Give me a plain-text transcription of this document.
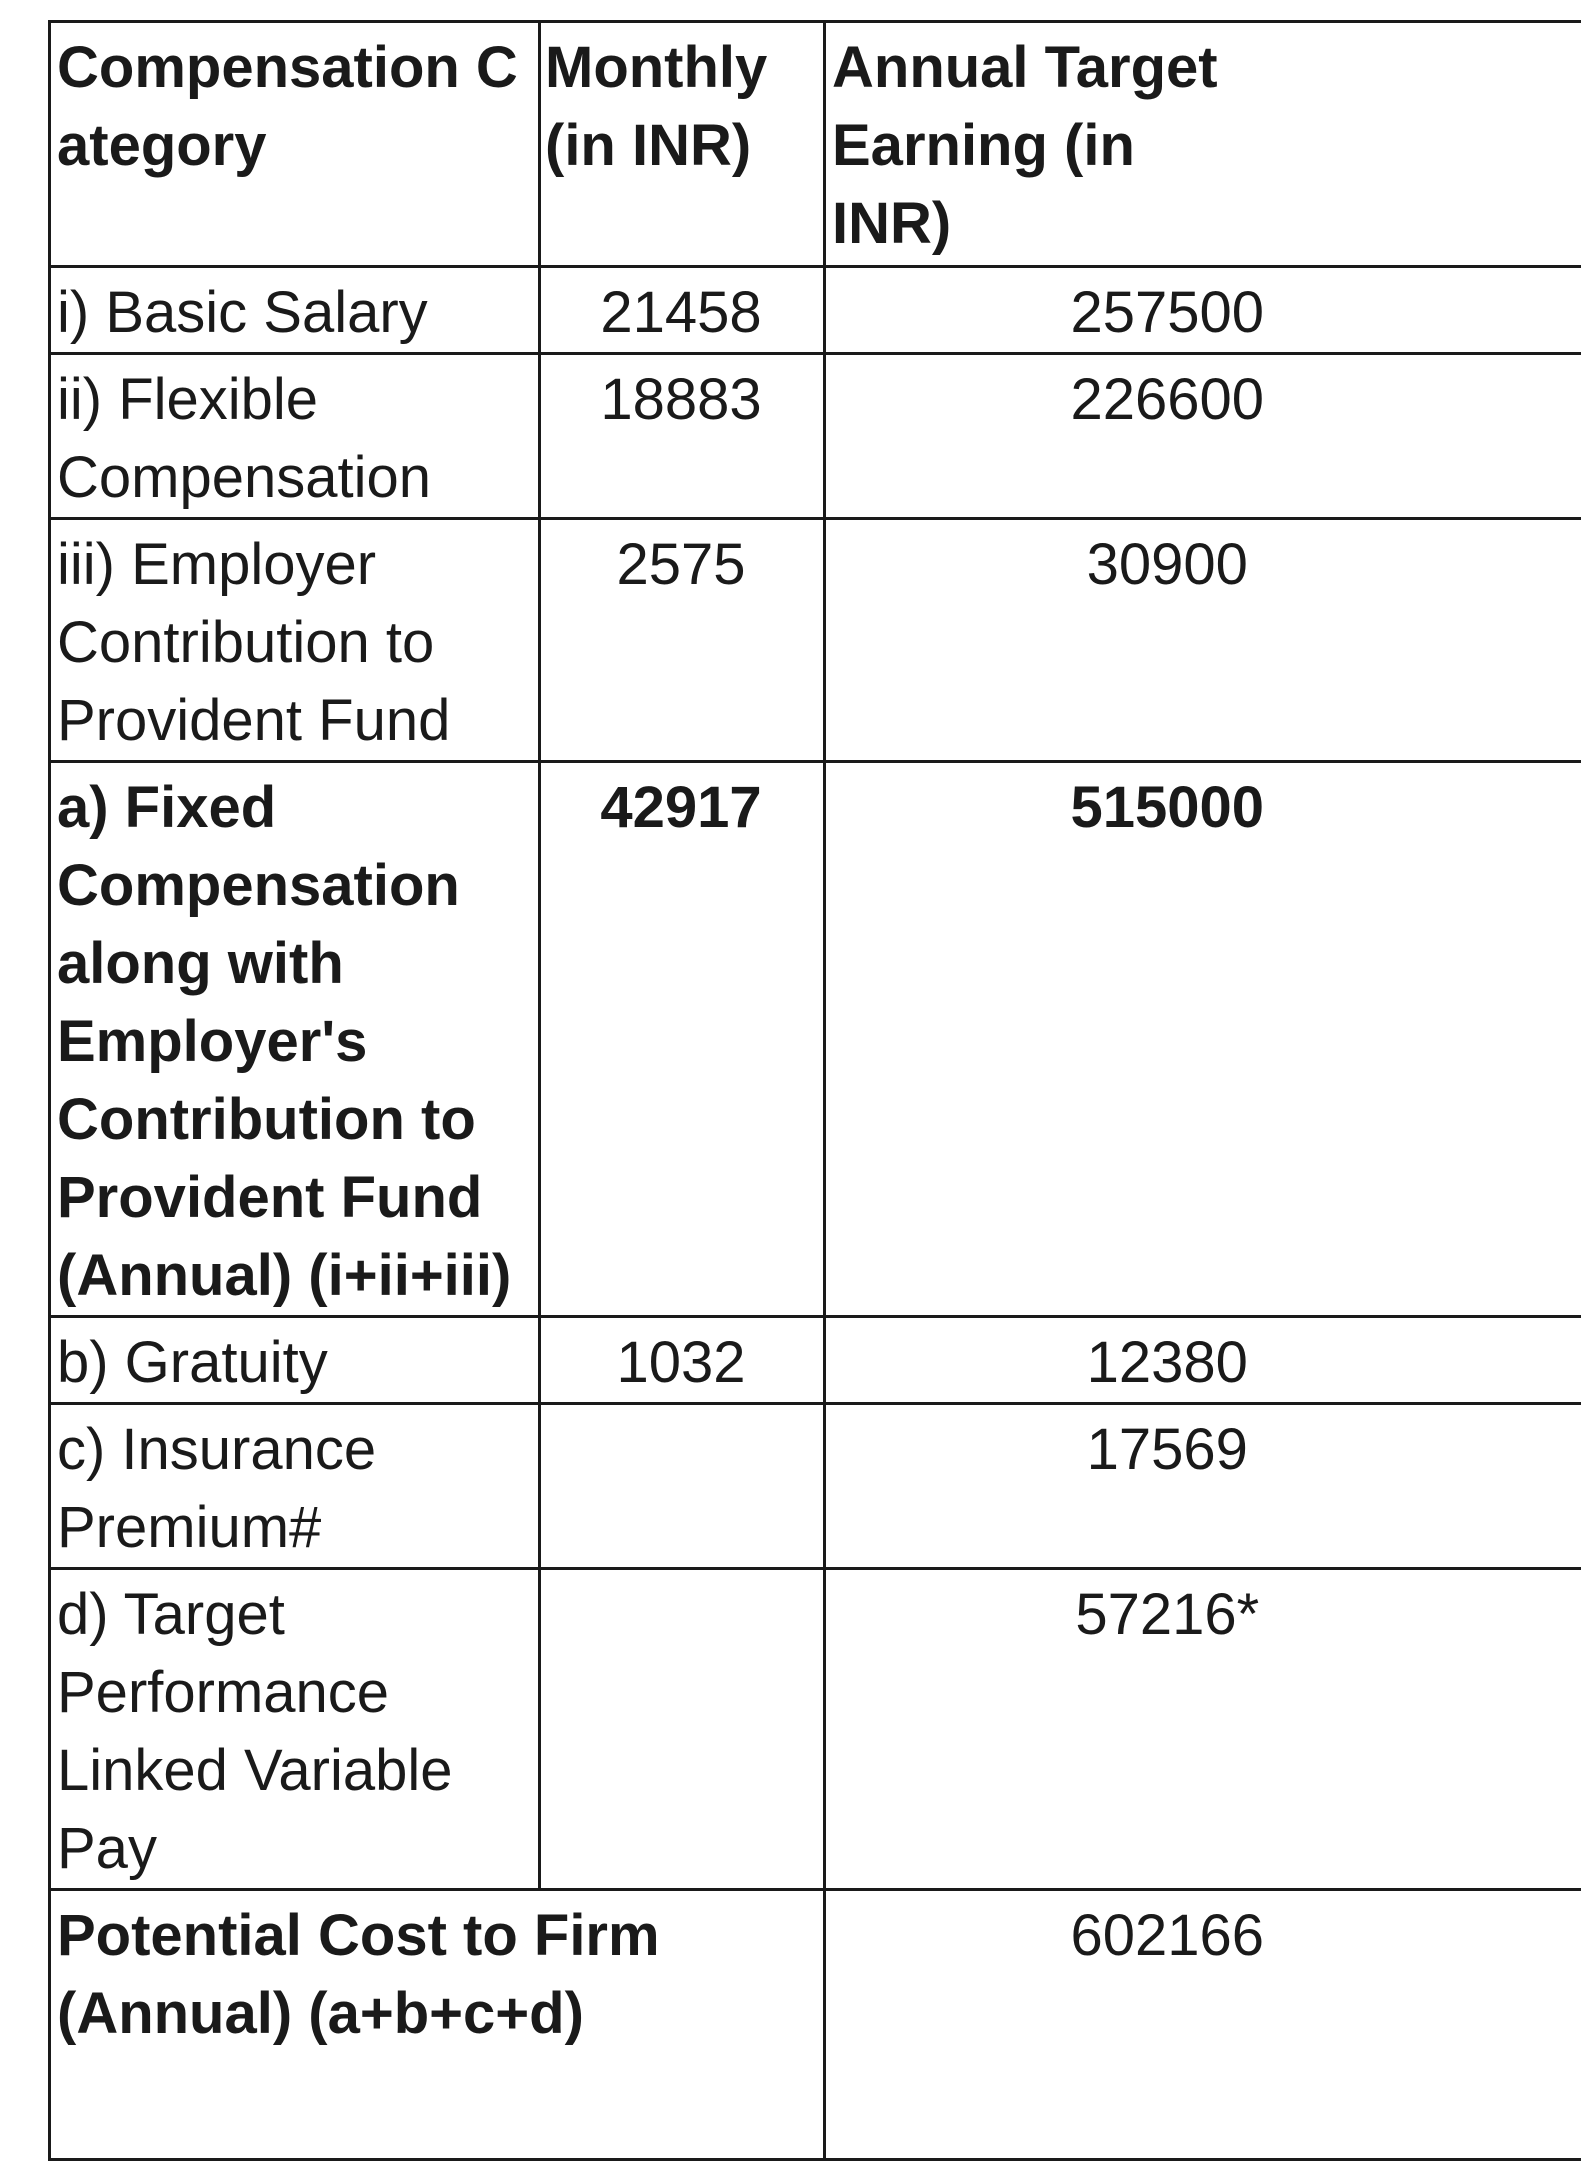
Compensation Category	Monthly (in INR)	Annual Target Earning (in INR)
i) Basic Salary	21458	257500
ii) Flexible Compensation	18883	226600
iii) Employer Contribution to Provident Fund	2575	30900
a) Fixed Compensation along with Employer's Contribution to Provident Fund (Annual) (i+ii+iii)	42917	515000
b) Gratuity	1032	12380
c) Insurance Premium#		17569
d) Target Performance Linked Variable Pay		57216*
Potential Cost to Firm (Annual) (a+b+c+d)		602166
